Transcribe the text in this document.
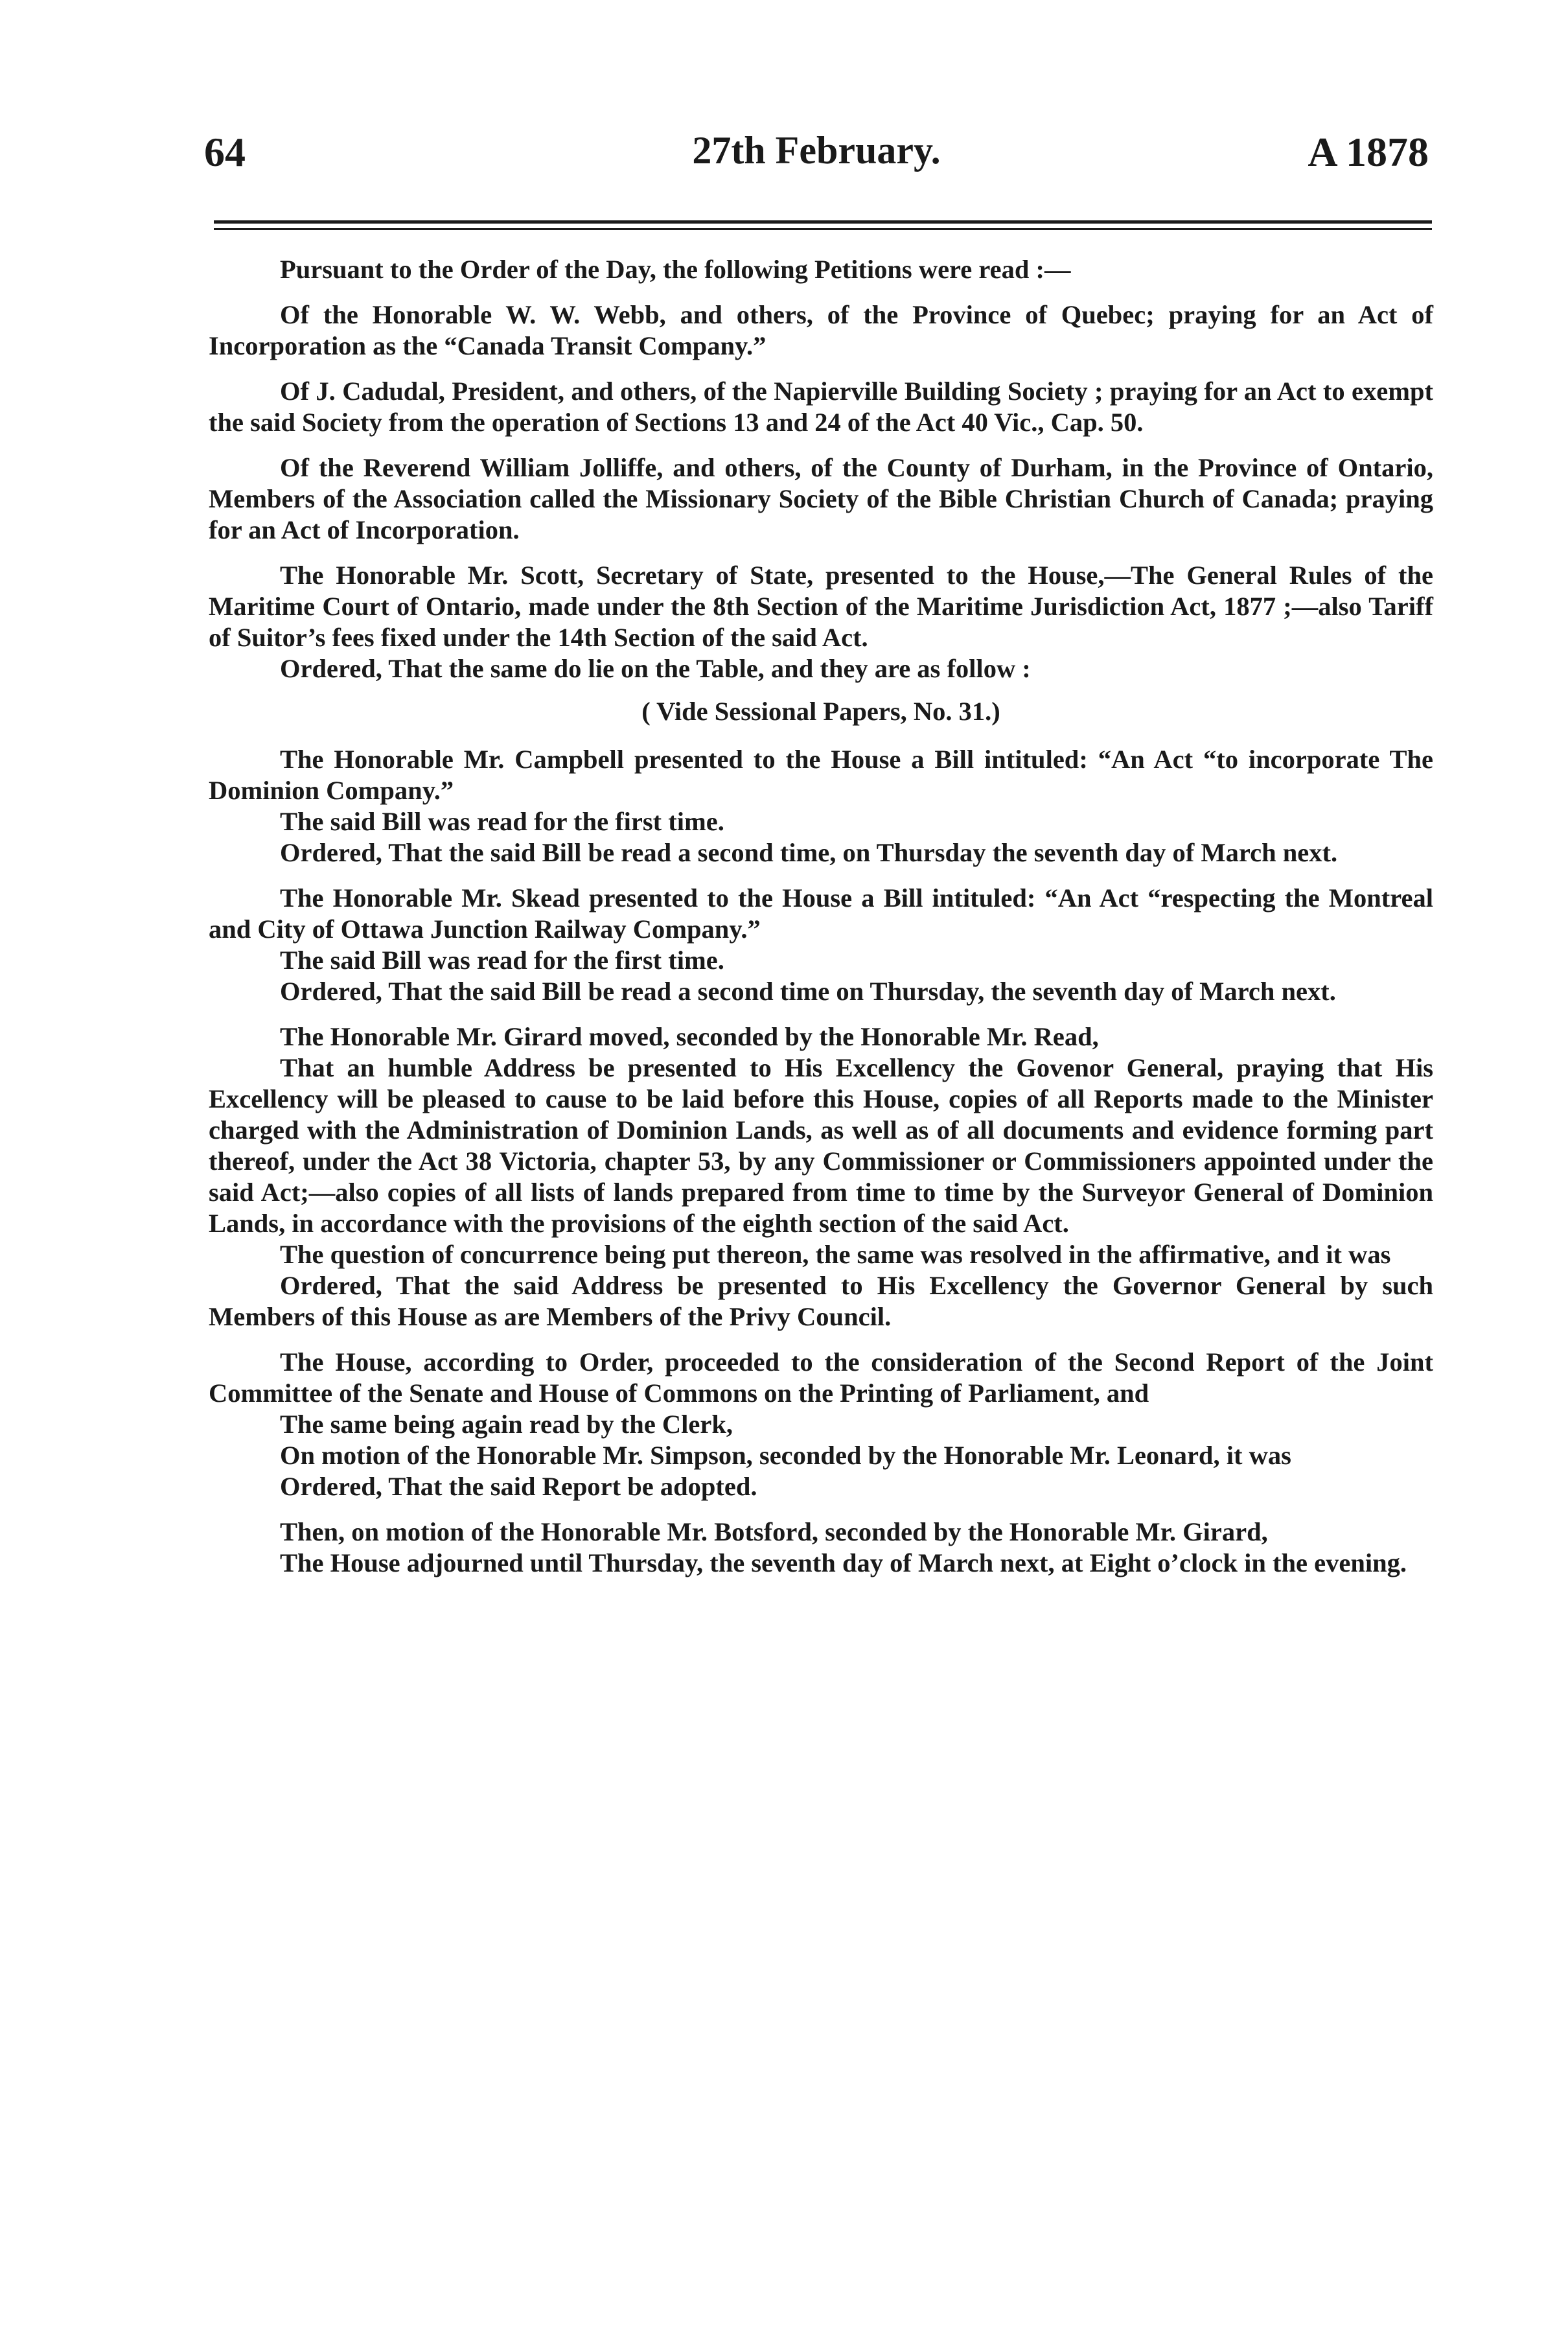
64	27th February.	A 1878

Pursuant to the Order of the Day, the following Petitions were read :—

Of the Honorable W. W. Webb, and others, of the Province of Quebec; praying for an Act of Incorporation as the “Canada Transit Company.”

Of J. Cadudal, President, and others, of the Napierville Building Society ; praying for an Act to exempt the said Society from the operation of Sections 13 and 24 of the Act 40 Vic., Cap. 50.

Of the Reverend William Jolliffe, and others, of the County of Durham, in the Province of Ontario, Members of the Association called the Missionary Society of the Bible Christian Church of Canada; praying for an Act of Incorporation.

The Honorable Mr. Scott, Secretary of State, presented to the House,—The General Rules of the Maritime Court of Ontario, made under the 8th Section of the Maritime Jurisdiction Act, 1877 ;—also Tariff of Suitor’s fees fixed under the 14th Section of the said Act.

Ordered, That the same do lie on the Table, and they are as follow :

( Vide Sessional Papers, No. 31.)

The Honorable Mr. Campbell presented to the House a Bill intituled: “An Act “to incorporate The Dominion Company.”

The said Bill was read for the first time.

Ordered, That the said Bill be read a second time, on Thursday the seventh day of March next.

The Honorable Mr. Skead presented to the House a Bill intituled: “An Act “respecting the Montreal and City of Ottawa Junction Railway Company.”

The said Bill was read for the first time.

Ordered, That the said Bill be read a second time on Thursday, the seventh day of March next.

The Honorable Mr. Girard moved, seconded by the Honorable Mr. Read,

That an humble Address be presented to His Excellency the Govenor General, praying that His Excellency will be pleased to cause to be laid before this House, copies of all Reports made to the Minister charged with the Administration of Dominion Lands, as well as of all documents and evidence forming part thereof, under the Act 38 Victoria, chapter 53, by any Commissioner or Commissioners appointed under the said Act;—also copies of all lists of lands prepared from time to time by the Surveyor General of Dominion Lands, in accordance with the provisions of the eighth section of the said Act.

The question of concurrence being put thereon, the same was resolved in the affirmative, and it was

Ordered, That the said Address be presented to His Excellency the Governor General by such Members of this House as are Members of the Privy Council.

The House, according to Order, proceeded to the consideration of the Second Report of the Joint Committee of the Senate and House of Commons on the Printing of Parliament, and

The same being again read by the Clerk,

On motion of the Honorable Mr. Simpson, seconded by the Honorable Mr. Leonard, it was

Ordered, That the said Report be adopted.

Then, on motion of the Honorable Mr. Botsford, seconded by the Honorable Mr. Girard,

The House adjourned until Thursday, the seventh day of March next, at Eight o’clock in the evening.
